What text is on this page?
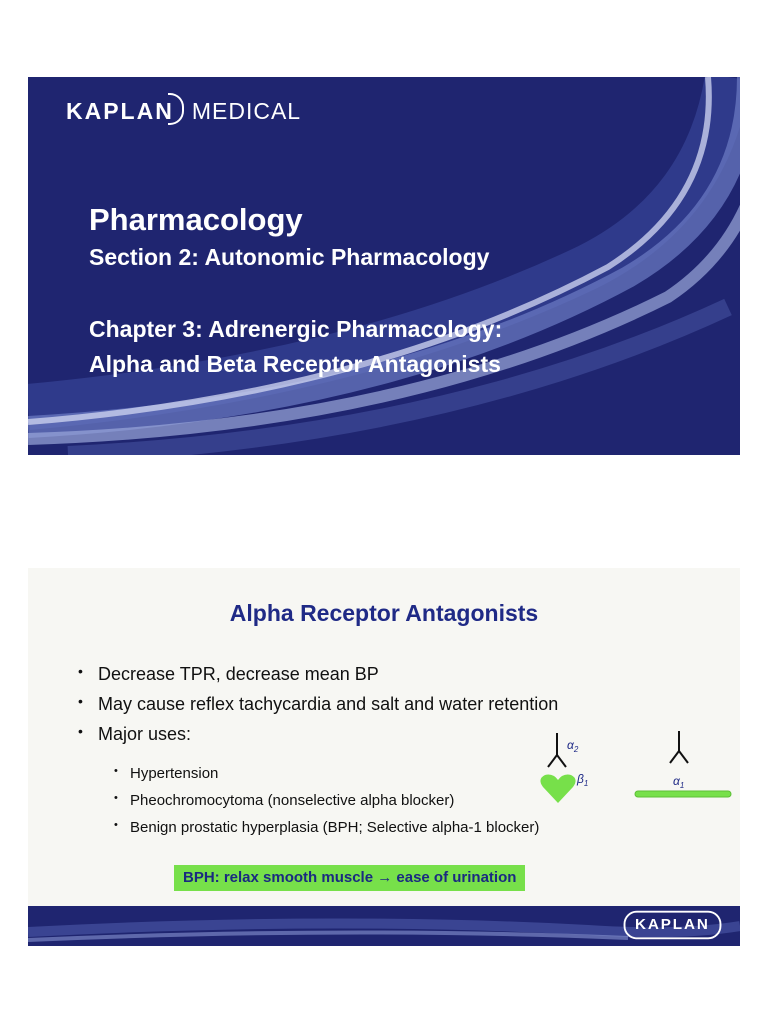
KAPLAN MEDICAL
Pharmacology
Section 2: Autonomic Pharmacology
Chapter 3: Adrenergic Pharmacology:
Alpha and Beta Receptor Antagonists
Alpha Receptor Antagonists
• Decrease TPR, decrease mean BP
• May cause reflex tachycardia and salt and water retention
• Major uses:
• Hypertension
• Pheochromocytoma (nonselective alpha blocker)
• Benign prostatic hyperplasia (BPH; Selective alpha-1 blocker)
$\alpha_2$
$\beta_1$	$\alpha_1$
BPH: relax smooth muscle → ease of urination
KAPLAN
